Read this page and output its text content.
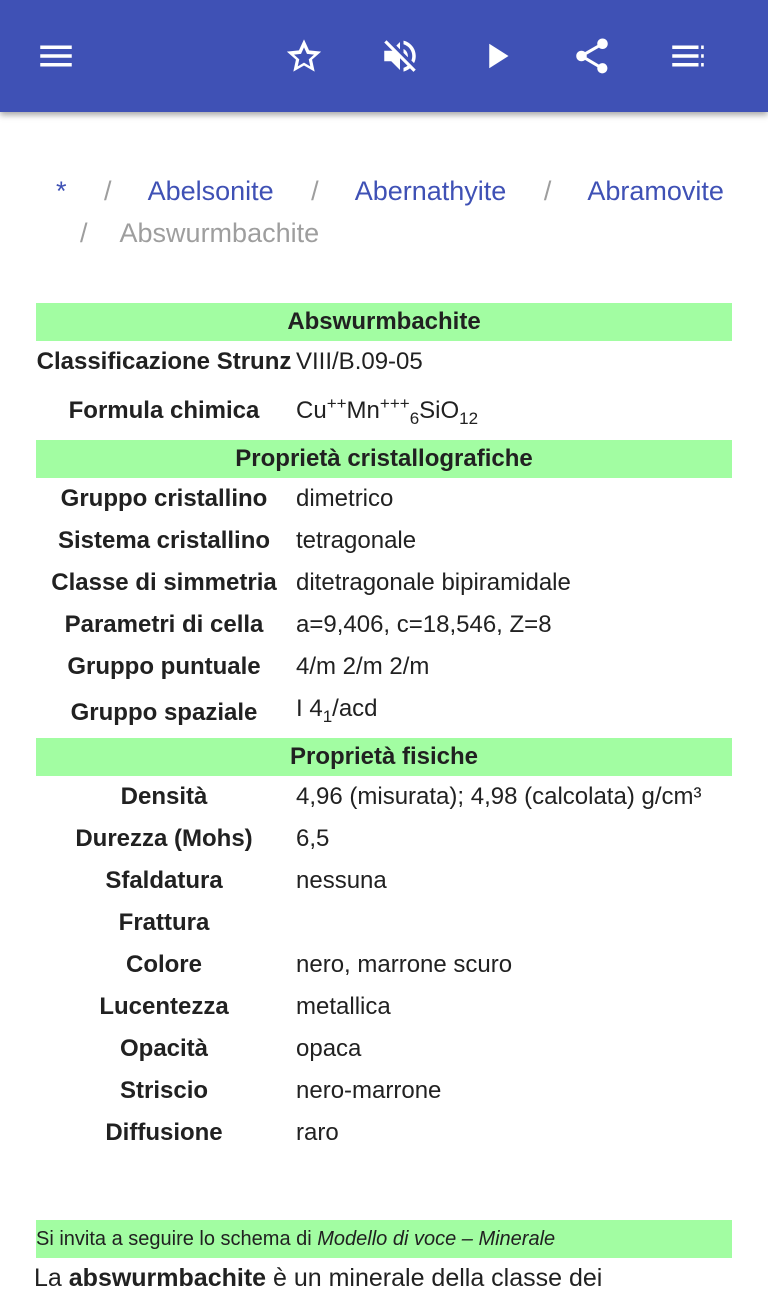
* / Abelsonite / Abernathyite / Abramovite
/ Abswurmbachite
Abswurmbachite	
Classificazione Strunz	VIII/B.09-05
Formula chimica	$Cu^{++}Mn^{+++}_6SiO_{12}$
Proprietà cristallografiche	
Gruppo cristallino	dimetrico
Sistema cristallino	tetragonale
Classe di simmetria	ditetragonale bipiramidale
Parametri di cella	a=9,406, c=18,546, Z=8
Gruppo puntuale	4/m 2/m 2/m
Gruppo spaziale	I $4_1$/acd
Proprietà fisiche	
Densità	4,96 (misurata); 4,98 (calcolata) g/cm³
Durezza (Mohs)	6,5
Sfaldatura	nessuna
Frattura	
Colore	nero, marrone scuro
Lucentezza	metallica
Opacità	opaca
Striscio	nero-marrone
Diffusione	raro
Si invita a seguire lo schema di Modello di voce – Minerale
La abswurmbachite è un minerale della classe dei
